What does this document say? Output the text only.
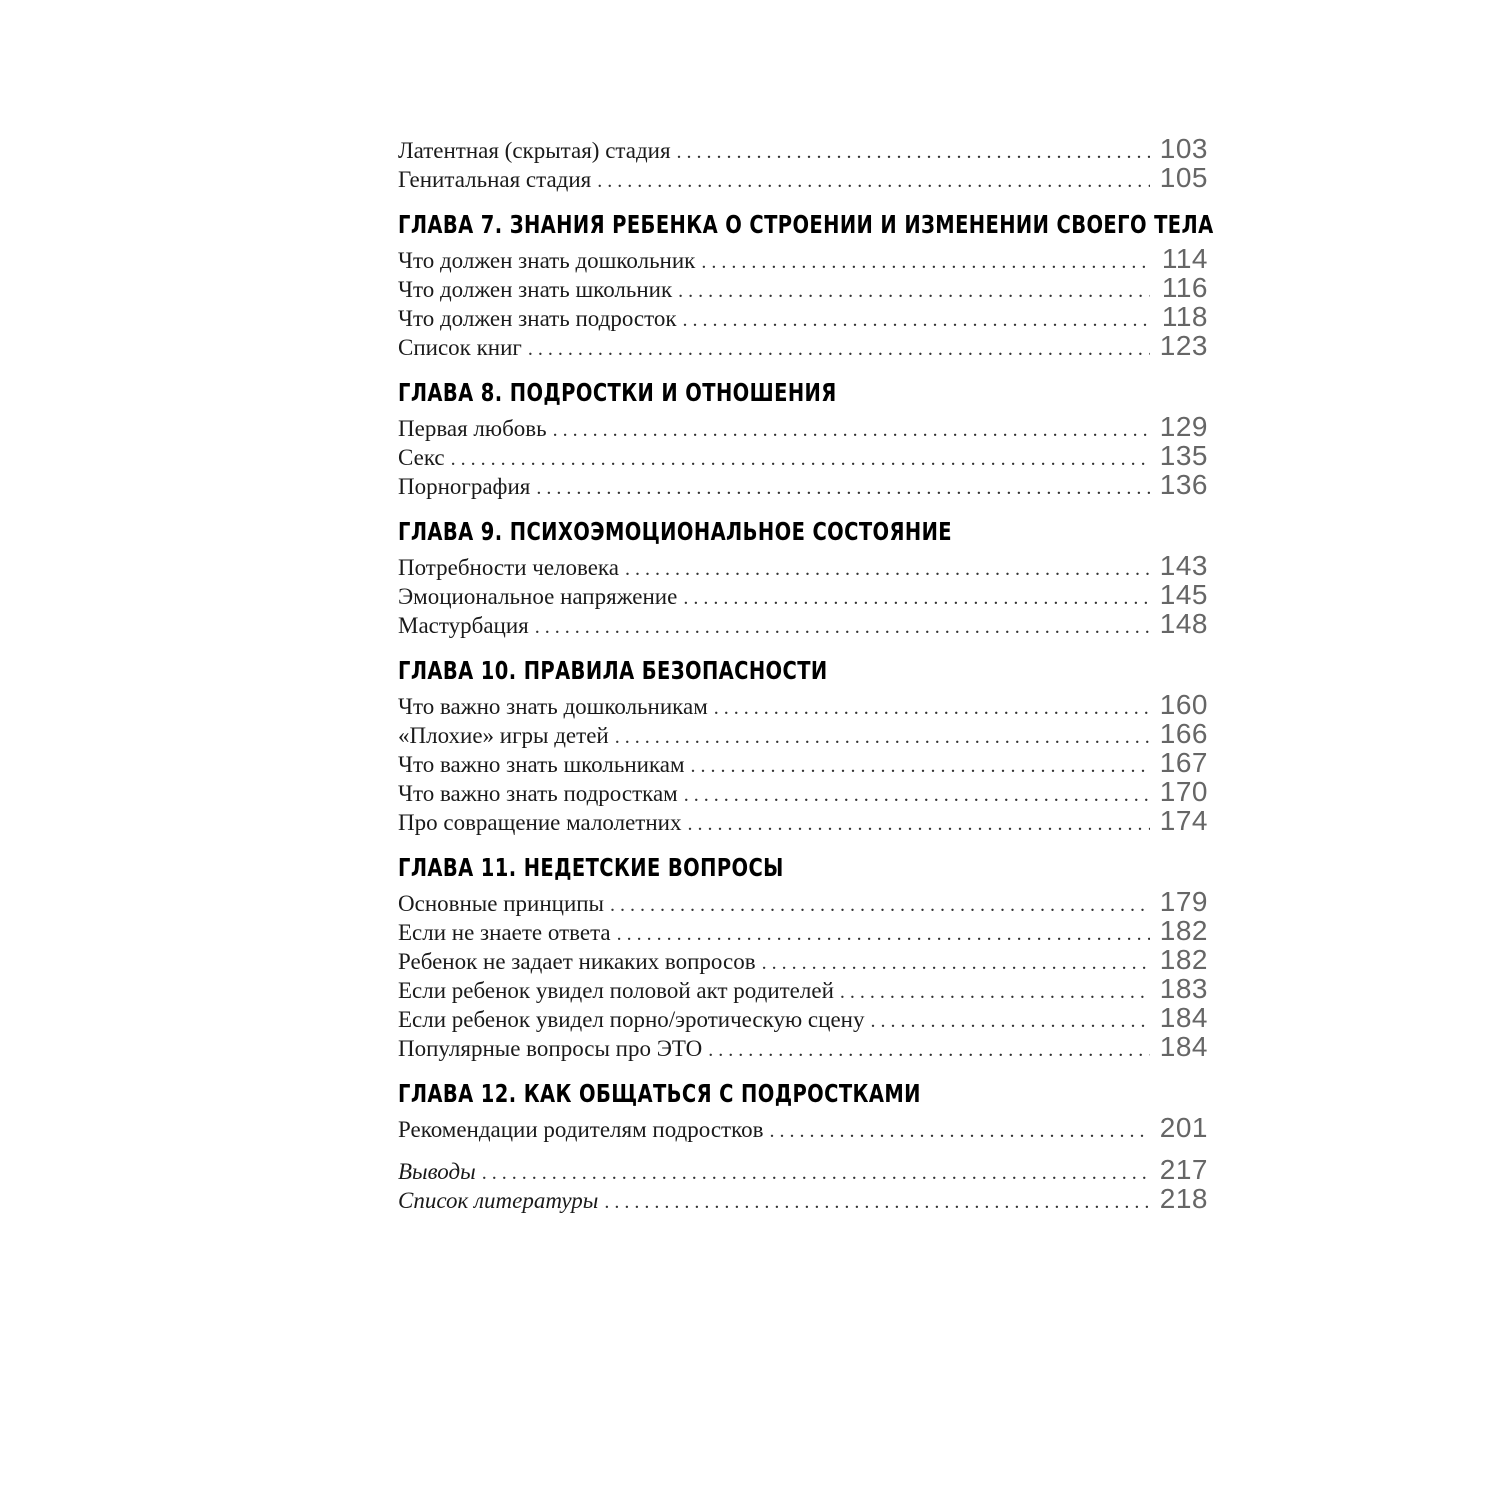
Латентная (скрытая) стадия . . .	103
Генитальная стадия . . .	105
ГЛАВА 7. ЗНАНИЯ РЕБЕНКА О СТРОЕНИИ И ИЗМЕНЕНИИ СВОЕГО ТЕЛА
Что должен знать дошкольник . . .	114
Что должен знать школьник . . .	116
Что должен знать подросток . . .	118
Список книг . . .	123
ГЛАВА 8. ПОДРОСТКИ И ОТНОШЕНИЯ
Первая любовь . . .	129
Секс . . .	135
Порнография . . .	136
ГЛАВА 9. ПСИХОЭМОЦИОНАЛЬНОЕ СОСТОЯНИЕ
Потребности человека . . .	143
Эмоциональное напряжение . . .	145
Мастурбация . . .	148
ГЛАВА 10. ПРАВИЛА БЕЗОПАСНОСТИ
Что важно знать дошкольникам . . .	160
«Плохие» игры детей . . .	166
Что важно знать школьникам . . .	167
Что важно знать подросткам . . .	170
Про совращение малолетних . . .	174
ГЛАВА 11. НЕДЕТСКИЕ ВОПРОСЫ
Основные принципы . . .	179
Если не знаете ответа . . .	182
Ребенок не задает никаких вопросов . . .	182
Если ребенок увидел половой акт родителей . . .	183
Если ребенок увидел порно/эротическую сцену . . .	184
Популярные вопросы про ЭТО . . .	184
ГЛАВА 12. КАК ОБЩАТЬСЯ С ПОДРОСТКАМИ
Рекомендации родителям подростков . . .	201
Выводы . . .	217
Список литературы . . .	218
